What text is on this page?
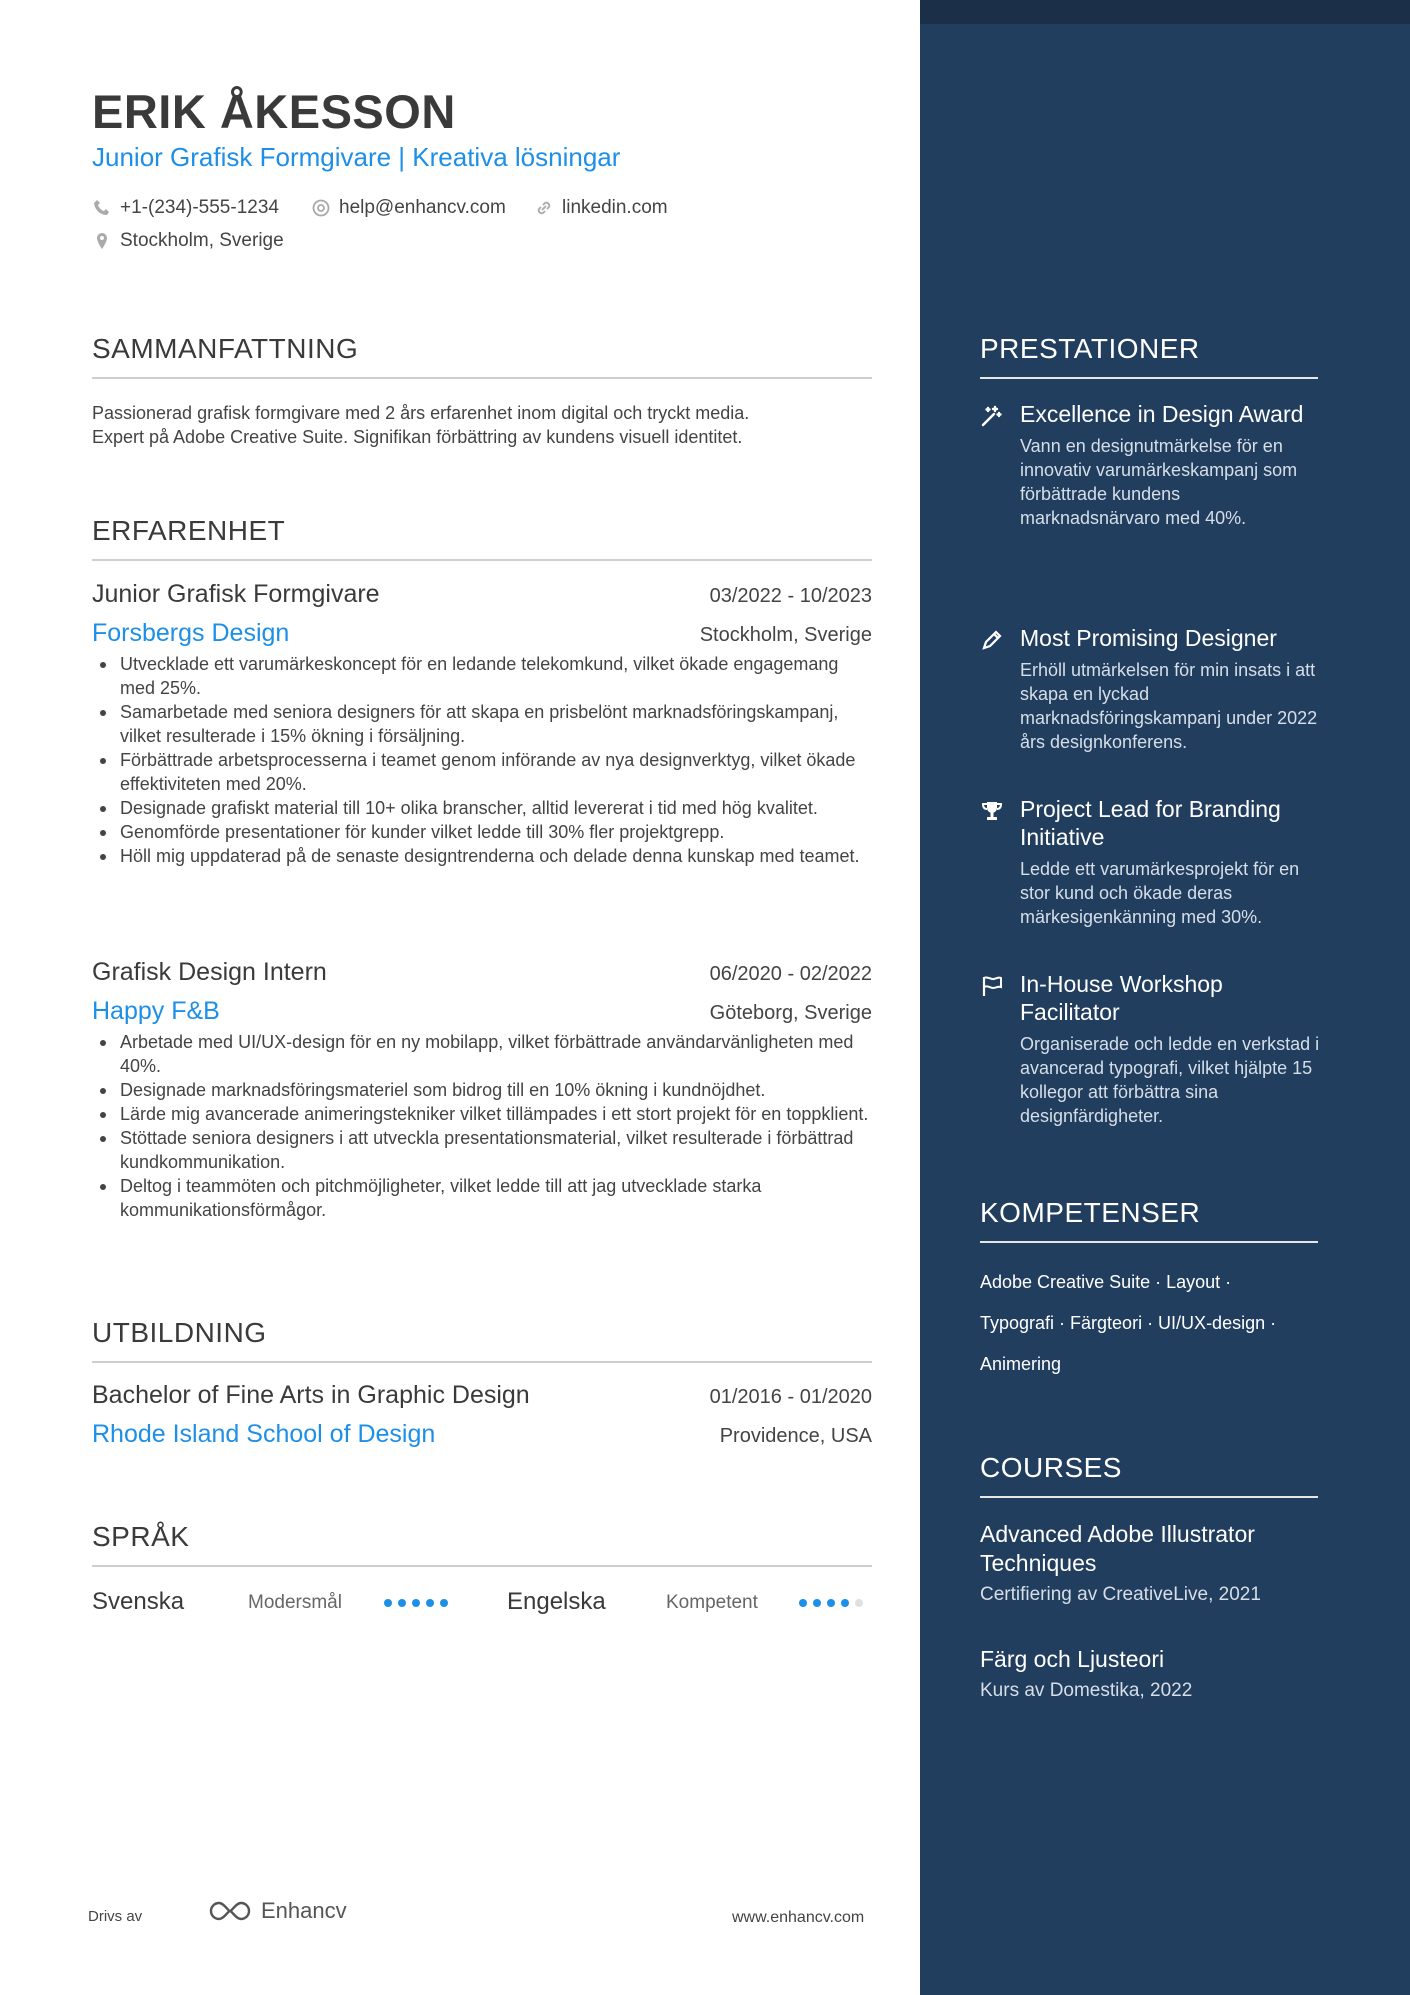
ERIK ÅKESSON
Junior Grafisk Formgivare | Kreativa lösningar
+1-(234)-555-1234	help@enhancv.com	linkedin.com
Stockholm, Sverige
SAMMANFATTNING
Passionerad grafisk formgivare med 2 års erfarenhet inom digital och tryckt media.
Expert på Adobe Creative Suite. Signifikan förbättring av kundens visuell identitet.
ERFARENHET
Junior Grafisk Formgivare	03/2022 - 10/2023
Forsbergs Design	Stockholm, Sverige
Utvecklade ett varumärkeskoncept för en ledande telekomkund, vilket ökade engagemang med 25%.
Samarbetade med seniora designers för att skapa en prisbelönt marknadsföringskampanj, vilket resulterade i 15% ökning i försäljning.
Förbättrade arbetsprocesserna i teamet genom införande av nya designverktyg, vilket ökade effektiviteten med 20%.
Designade grafiskt material till 10+ olika branscher, alltid levererat i tid med hög kvalitet.
Genomförde presentationer för kunder vilket ledde till 30% fler projektgrepp.
Höll mig uppdaterad på de senaste designtrenderna och delade denna kunskap med teamet.
Grafisk Design Intern	06/2020 - 02/2022
Happy F&B	Göteborg, Sverige
Arbetade med UI/UX-design för en ny mobilapp, vilket förbättrade användarvänligheten med 40%.
Designade marknadsföringsmateriel som bidrog till en 10% ökning i kundnöjdhet.
Lärde mig avancerade animeringstekniker vilket tillämpades i ett stort projekt för en toppklient.
Stöttade seniora designers i att utveckla presentationsmaterial, vilket resulterade i förbättrad kundkommunikation.
Deltog i teammöten och pitchmöjligheter, vilket ledde till att jag utvecklade starka kommunikationsförmågor.
UTBILDNING
Bachelor of Fine Arts in Graphic Design	01/2016 - 01/2020
Rhode Island School of Design	Providence, USA
SPRÅK
Svenska	Modersmål	Engelska	Kompetent
Drivs av	Enhancv	www.enhancv.com
PRESTATIONER
Excellence in Design Award
Vann en designutmärkelse för en innovativ varumärkeskampanj som förbättrade kundens marknadsnärvaro med 40%.
Most Promising Designer
Erhöll utmärkelsen för min insats i att skapa en lyckad marknadsföringskampanj under 2022 års designkonferens.
Project Lead for Branding Initiative
Ledde ett varumärkesprojekt för en stor kund och ökade deras märkesigenkänning med 30%.
In-House Workshop Facilitator
Organiserade och ledde en verkstad i avancerad typografi, vilket hjälpte 15 kollegor att förbättra sina designfärdigheter.
KOMPETENSER
Adobe Creative Suite · Layout ·
Typografi · Färgteori · UI/UX-design ·
Animering
COURSES
Advanced Adobe Illustrator Techniques
Certifiering av CreativeLive, 2021
Färg och Ljusteori
Kurs av Domestika, 2022
